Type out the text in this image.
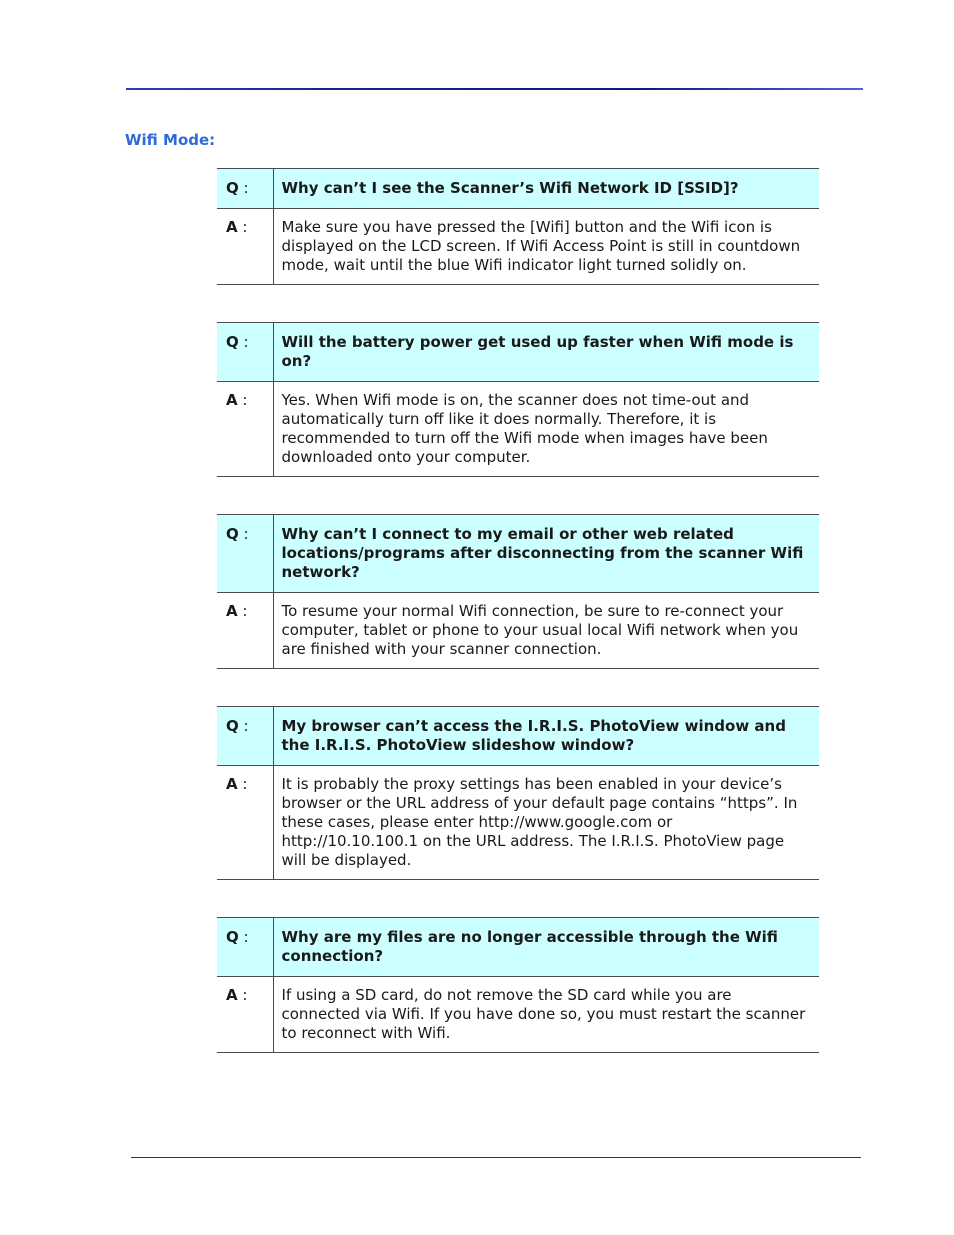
Wifi Mode:
Q :	Why can’t I see the Scanner’s Wifi Network ID [SSID]?
A :	Make sure you have pressed the [Wifi] button and the Wifi icon is displayed on the LCD screen. If Wifi Access Point is still in countdown mode, wait until the blue Wifi indicator light turned solidly on.
Q :	Will the battery power get used up faster when Wifi mode is on?
A :	Yes. When Wifi mode is on, the scanner does not time-out and automatically turn off like it does normally. Therefore, it is recommended to turn off the Wifi mode when images have been downloaded onto your computer.
Q :	Why can’t I connect to my email or other web related locations/programs after disconnecting from the scanner Wifi network?
A :	To resume your normal Wifi connection, be sure to re-connect your computer, tablet or phone to your usual local Wifi network when you are finished with your scanner connection.
Q :	My browser can’t access the I.R.I.S. PhotoView window and the I.R.I.S. PhotoView slideshow window?
A :	It is probably the proxy settings has been enabled in your device’s browser or the URL address of your default page contains “https”. In these cases, please enter http://www.google.com or http://10.10.100.1 on the URL address. The I.R.I.S. PhotoView page will be displayed.
Q :	Why are my files are no longer accessible through the Wifi connection?
A :	If using a SD card, do not remove the SD card while you are connected via Wifi. If you have done so, you must restart the scanner to reconnect with Wifi.
